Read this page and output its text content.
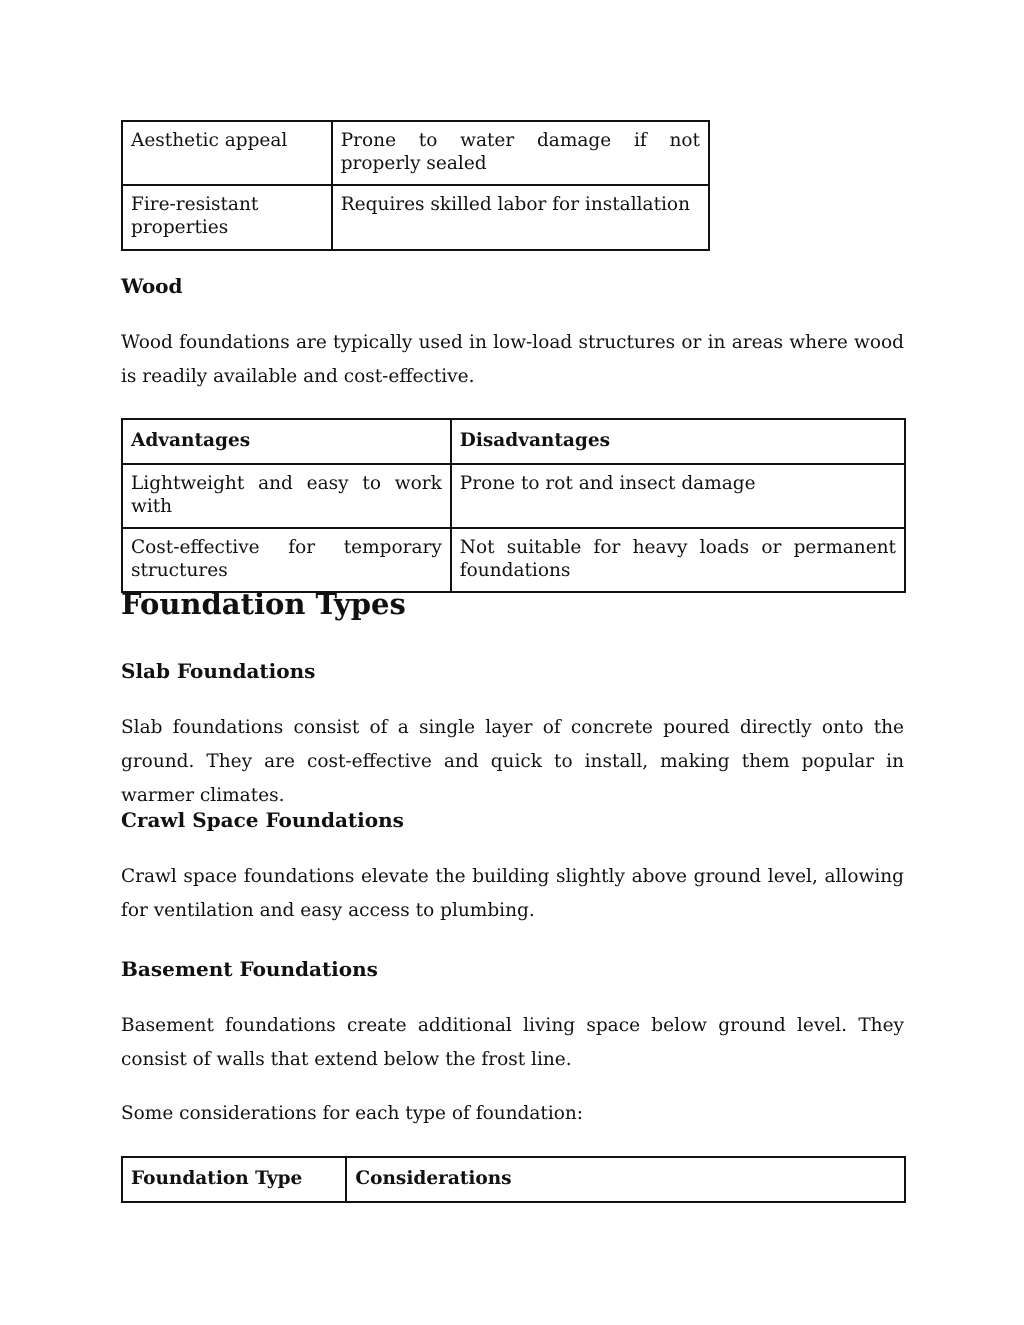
Aesthetic appeal	Prone to water damage if not properly sealed
Fire-resistant properties	Requires skilled labor for installation
Wood

Wood foundations are typically used in low-load structures or in areas where wood is readily available and cost-effective.

Advantages	Disadvantages
Lightweight and easy to work with	Prone to rot and insect damage
Cost-effective for temporary structures	Not suitable for heavy loads or permanent foundations
Foundation Types
Slab Foundations

Slab foundations consist of a single layer of concrete poured directly onto the ground. They are cost-effective and quick to install, making them popular in warmer climates.

Crawl Space Foundations

Crawl space foundations elevate the building slightly above ground level, allowing for ventilation and easy access to plumbing.

Basement Foundations

Basement foundations create additional living space below ground level. They consist of walls that extend below the frost line.

Some considerations for each type of foundation:

Foundation Type	Considerations
